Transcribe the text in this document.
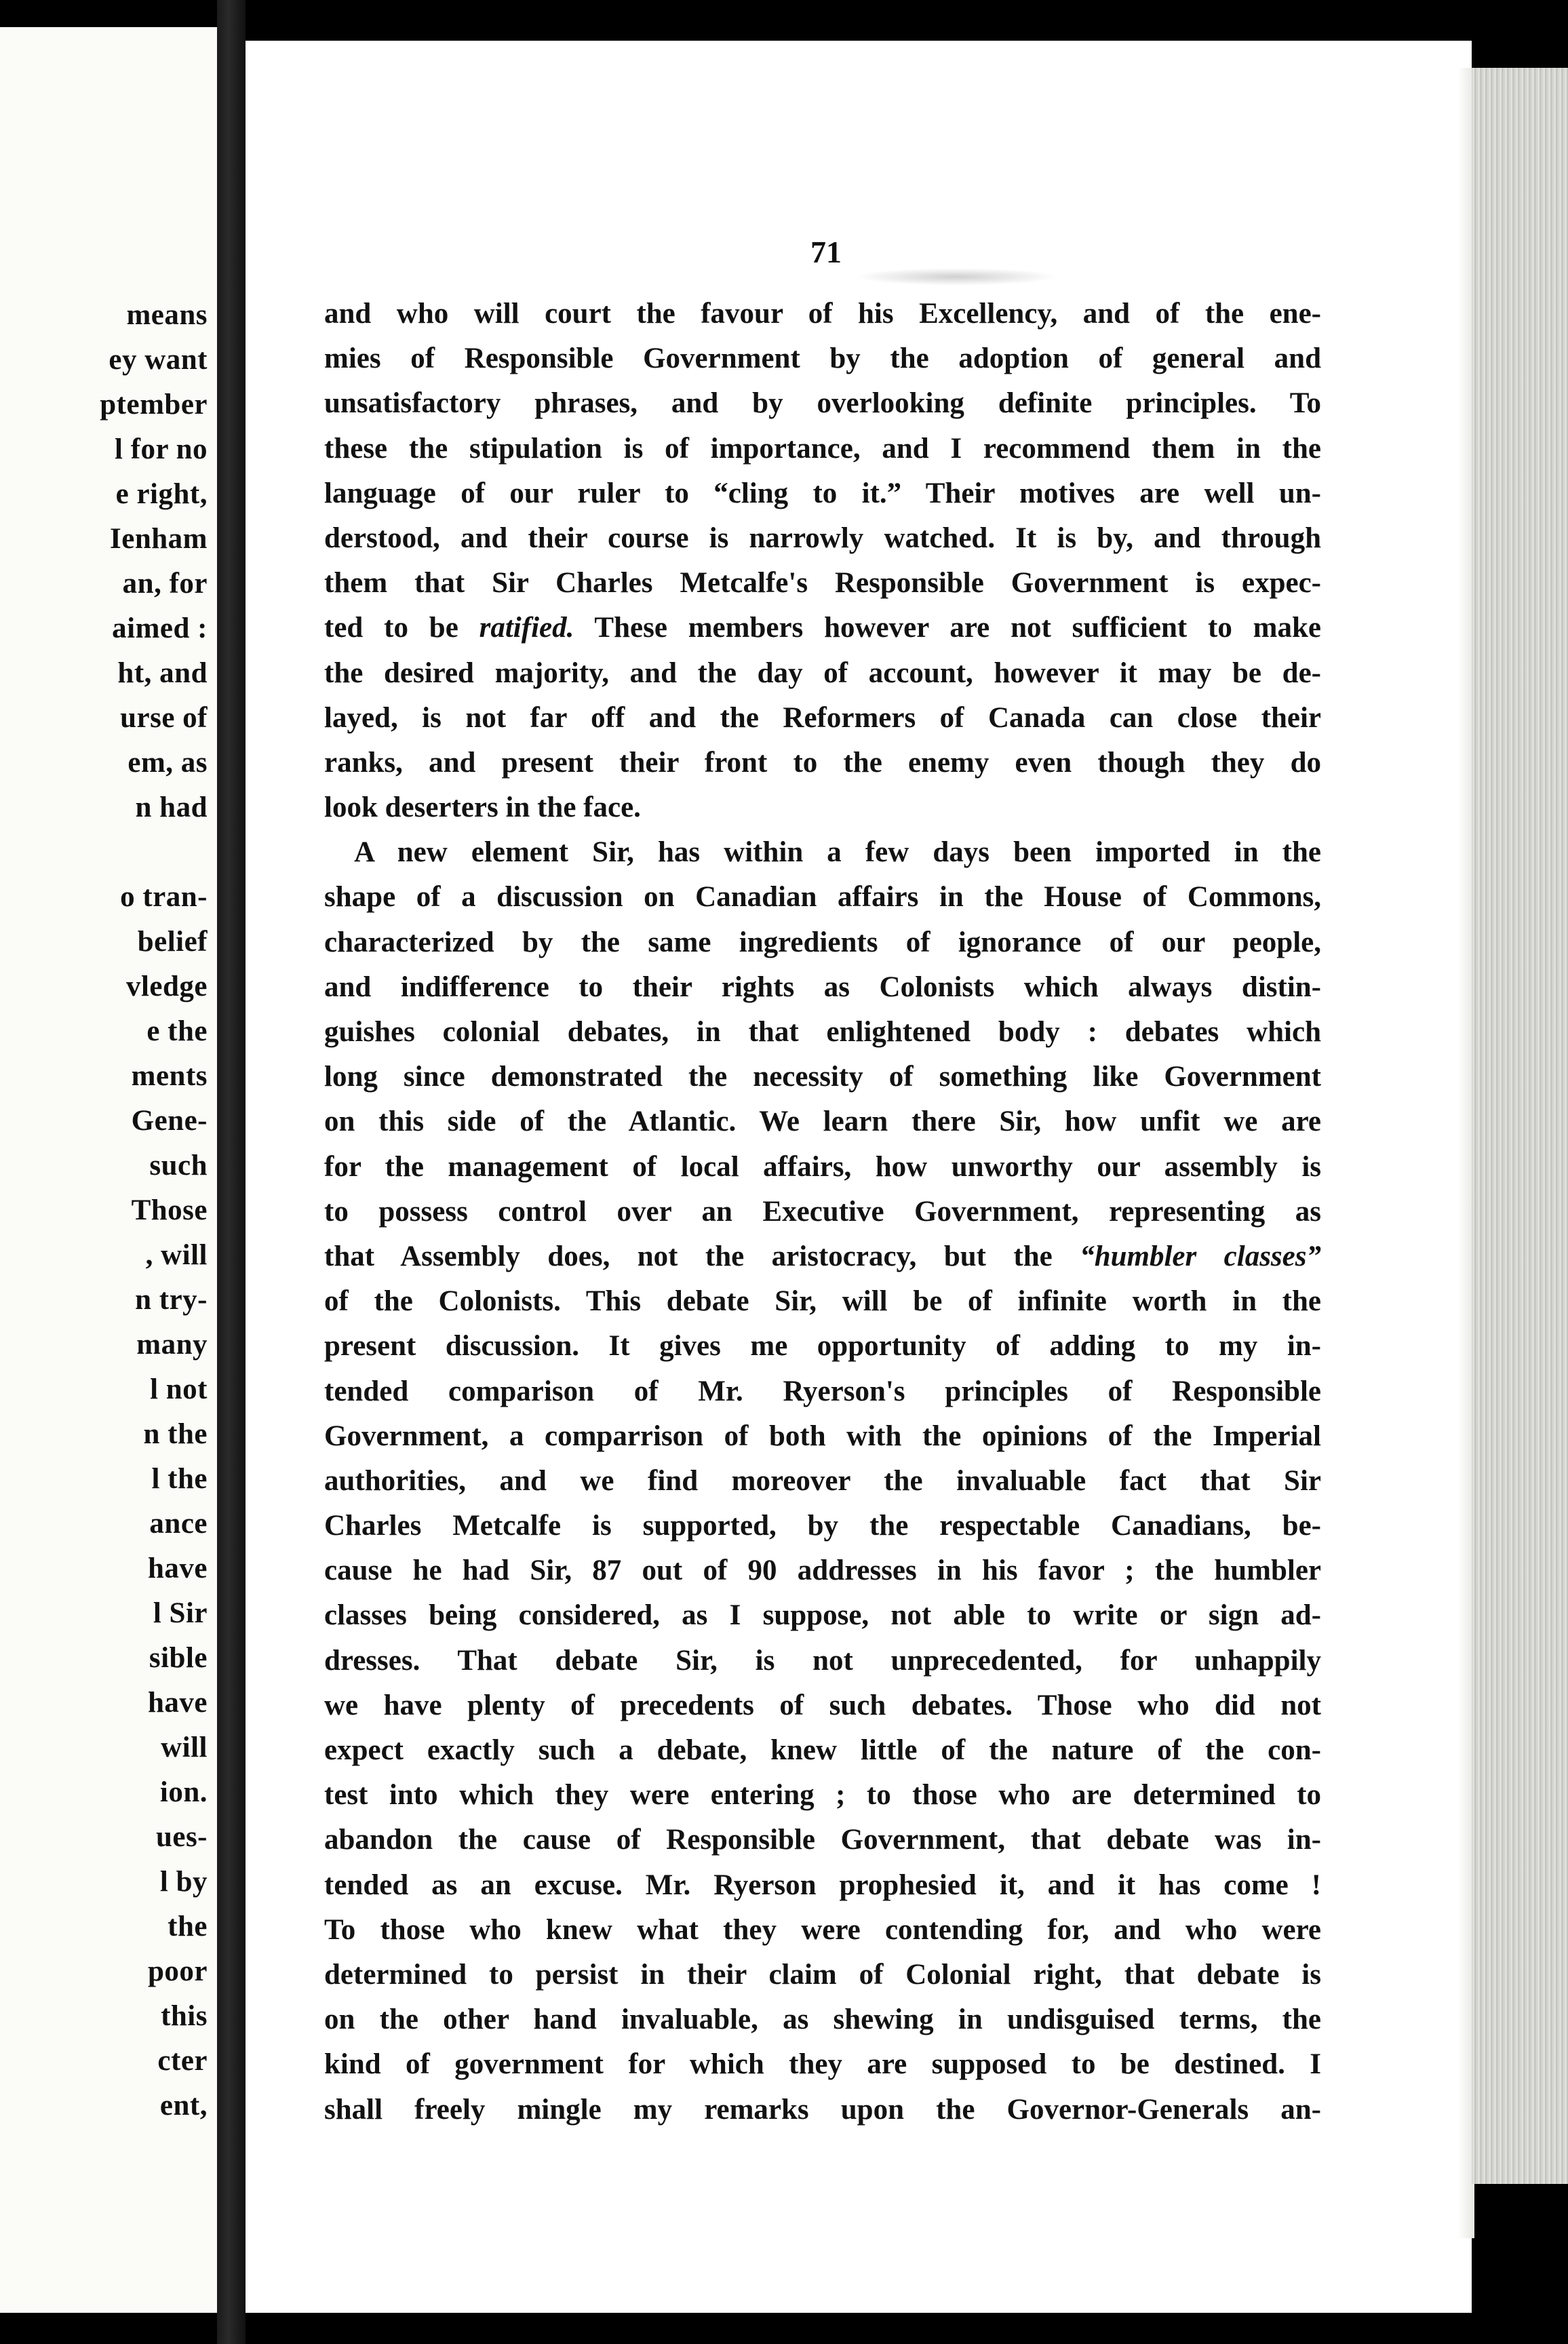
means
ey want
ptember
l for no
e right,
Ienham
an, for
aimed :
ht, and
urse of
em, as
n had
o tran-
belief
vledge
e the
ments
Gene-
such
Those
, will
n try-
many
l not
n the
l the
ance
have
l Sir
sible
have
will
ion.
ues-
l by
the
poor
this
cter
ent,
71
and who will court the favour of his Excellency, and of the ene-
mies of Responsible Government by the adoption of general and
unsatisfactory phrases, and by overlooking definite principles. To
these the stipulation is of importance, and I recommend them in the
language of our ruler to “cling to it.” Their motives are well un-
derstood, and their course is narrowly watched. It is by, and through
them that Sir Charles Metcalfe's Responsible Government is expec-
ted to be ratified. These members however are not sufficient to make
the desired majority, and the day of account, however it may be de-
layed, is not far off and the Reformers of Canada can close their
ranks, and present their front to the enemy even though they do
look deserters in the face.
A new element Sir, has within a few days been imported in the
shape of a discussion on Canadian affairs in the House of Commons,
characterized by the same ingredients of ignorance of our people,
and indifference to their rights as Colonists which always distin-
guishes colonial debates, in that enlightened body : debates which
long since demonstrated the necessity of something like Government
on this side of the Atlantic. We learn there Sir, how unfit we are
for the management of local affairs, how unworthy our assembly is
to possess control over an Executive Government, representing as
that Assembly does, not the aristocracy, but the “humbler classes”
of the Colonists. This debate Sir, will be of infinite worth in the
present discussion. It gives me opportunity of adding to my in-
tended comparison of Mr. Ryerson's principles of Responsible
Government, a comparrison of both with the opinions of the Imperial
authorities, and we find moreover the invaluable fact that Sir
Charles Metcalfe is supported, by the respectable Canadians, be-
cause he had Sir, 87 out of 90 addresses in his favor ; the humbler
classes being considered, as I suppose, not able to write or sign ad-
dresses. That debate Sir, is not unprecedented, for unhappily
we have plenty of precedents of such debates. Those who did not
expect exactly such a debate, knew little of the nature of the con-
test into which they were entering ; to those who are determined to
abandon the cause of Responsible Government, that debate was in-
tended as an excuse. Mr. Ryerson prophesied it, and it has come !
To those who knew what they were contending for, and who were
determined to persist in their claim of Colonial right, that debate is
on the other hand invaluable, as shewing in undisguised terms, the
kind of government for which they are supposed to be destined. I
shall freely mingle my remarks upon the Governor-Generals an-
